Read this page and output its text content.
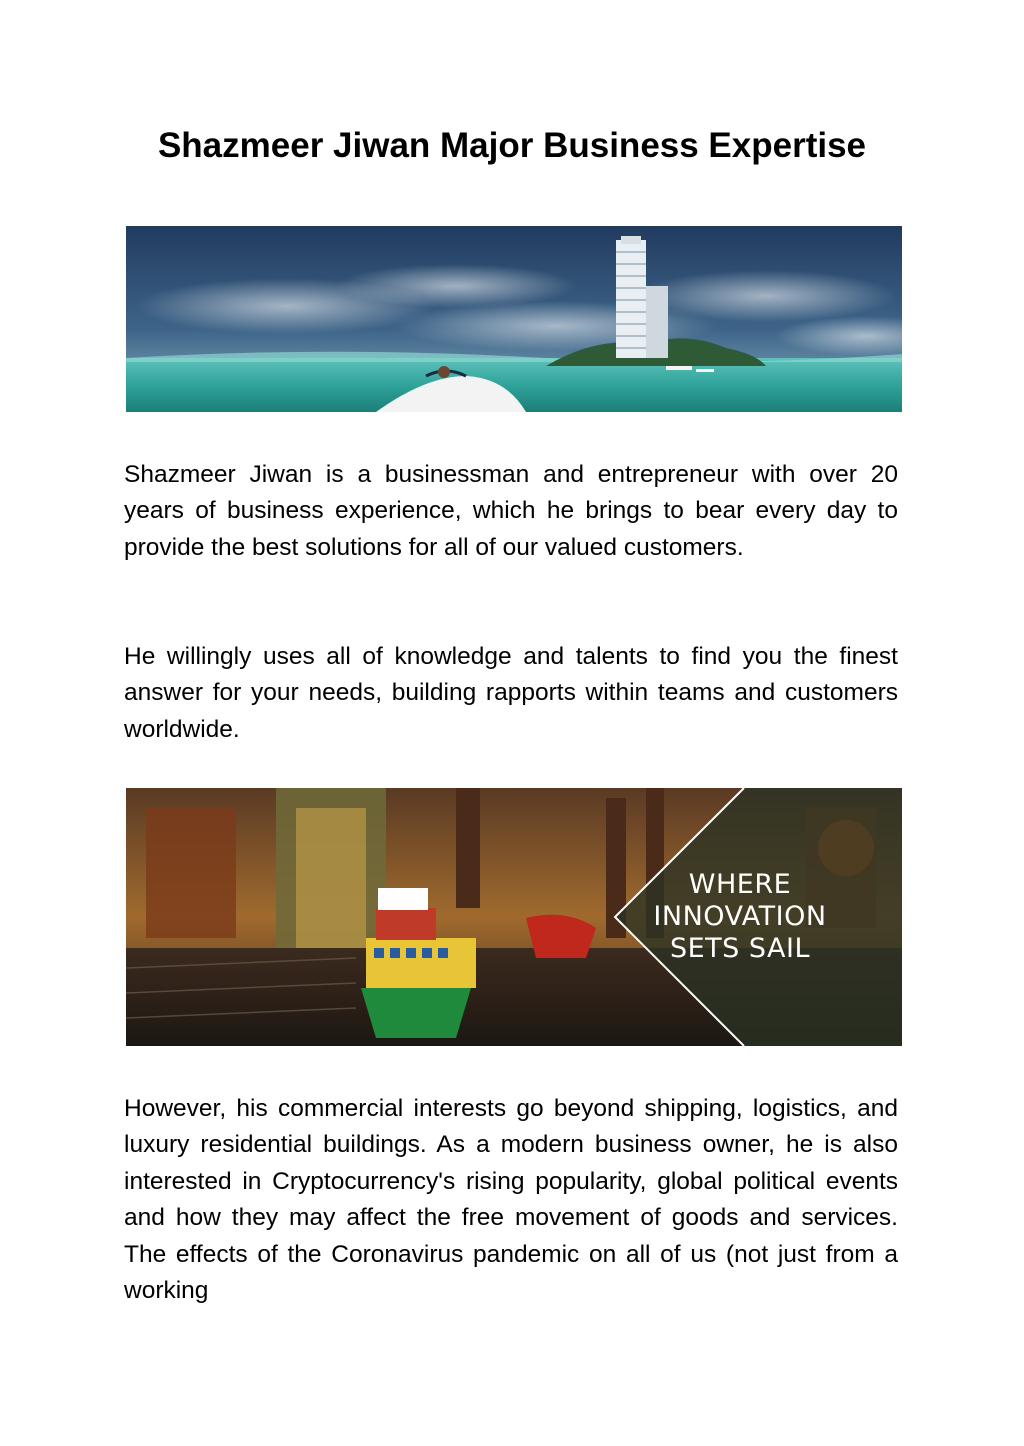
Shazmeer Jiwan Major Business Expertise

Shazmeer Jiwan is a businessman and entrepreneur with over 20 years of business experience, which he brings to bear every day to provide the best solutions for all of our valued customers.

He willingly uses all of knowledge and talents to find you the finest answer for your needs, building rapports within teams and customers worldwide.

WHERE
INNOVATION
SETS SAIL

However, his commercial interests go beyond shipping, logistics, and luxury residential buildings. As a modern business owner, he is also interested in Cryptocurrency's rising popularity, global political events and how they may affect the free movement of goods and services. The effects of the Coronavirus pandemic on all of us (not just from a working
